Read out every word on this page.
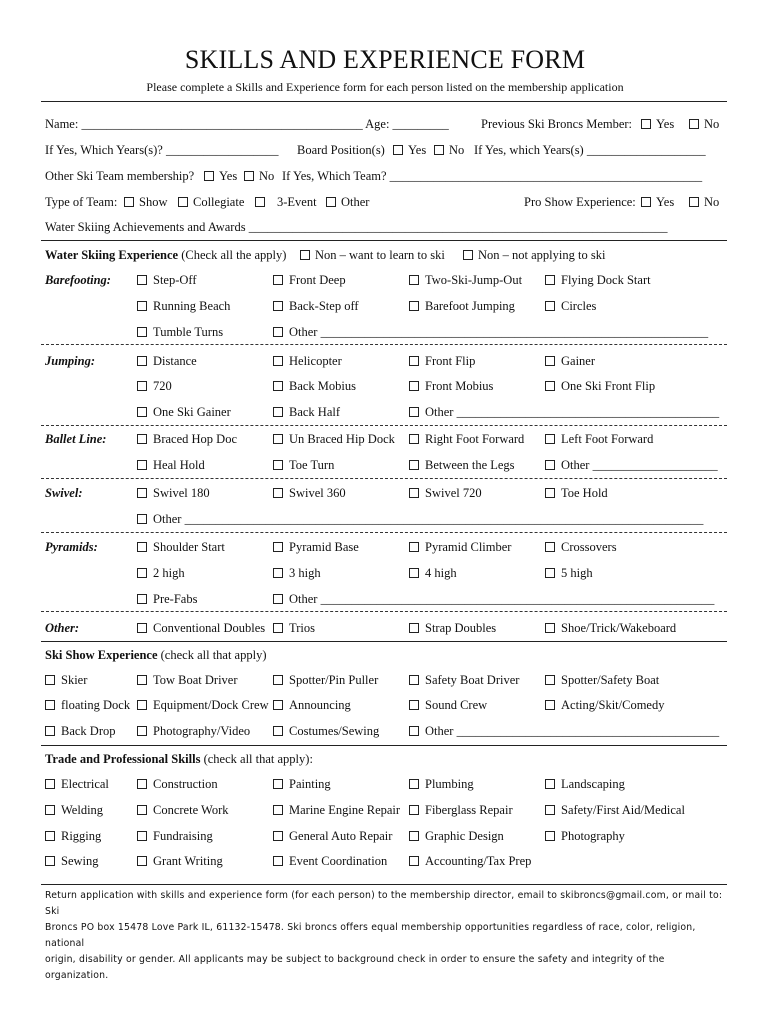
SKILLS AND EXPERIENCE FORM
Please complete a Skills and Experience form for each person listed on the membership application
Name: _____________________________________________ Age: _________	Previous Ski Broncs Member:	Yes	No
If Yes, Which Years(s)? __________________ Board Position(s)	Yes	No If Yes, which Years(s) ___________________
Other Ski Team membership?	Yes	No If Yes, Which Team? __________________________________________________
Type of Team:	Show	Collegiate	3-Event	Other	Pro Show Experience:	Yes	No
Water Skiing Achievements and Awards ___________________________________________________________________
Water Skiing Experience (Check all the apply)	Non – want to learn to ski	Non – not applying to ski
Barefooting:	Step-Off	Front Deep	Two-Ski-Jump-Out	Flying Dock Start
Running Beach	Back-Step off	Barefoot Jumping	Circles
Tumble Turns	Other ______________________________________________________________
Jumping:	Distance	Helicopter	Front Flip	Gainer
720	Back Mobius	Front Mobius	One Ski Front Flip
One Ski Gainer	Back Half	Other __________________________________________
Ballet Line:	Braced Hop Doc	Un Braced Hip Dock	Right Foot Forward	Left Foot Forward
Heal Hold	Toe Turn	Between the Legs	Other ____________________
Swivel:	Swivel 180	Swivel 360	Swivel 720	Toe Hold
Other ___________________________________________________________________________________
Pyramids:	Shoulder Start	Pyramid Base	Pyramid Climber	Crossovers
2 high	3 high	4 high	5 high
Pre-Fabs	Other _______________________________________________________________
Other:	Conventional Doubles	Trios	Strap Doubles	Shoe/Trick/Wakeboard
Ski Show Experience (check all that apply)
Skier	Tow Boat Driver	Spotter/Pin Puller	Safety Boat Driver	Spotter/Safety Boat
floating Dock	Equipment/Dock Crew	Announcing	Sound Crew	Acting/Skit/Comedy
Back Drop	Photography/Video	Costumes/Sewing	Other __________________________________________
Trade and Professional Skills (check all that apply):
Electrical	Construction	Painting	Plumbing	Landscaping
Welding	Concrete Work	Marine Engine Repair	Fiberglass Repair	Safety/First Aid/Medical
Rigging	Fundraising	General Auto Repair	Graphic Design	Photography
Sewing	Grant Writing	Event Coordination	Accounting/Tax Prep
Return application with skills and experience form (for each person) to the membership director, email to skibroncs@gmail.com, or mail to: Ski
Broncs PO box 15478 Love Park IL, 61132-15478. Ski broncs offers equal membership opportunities regardless of race, color, religion, national
origin, disability or gender. All applicants may be subject to background check in order to ensure the safety and integrity of the organization.
